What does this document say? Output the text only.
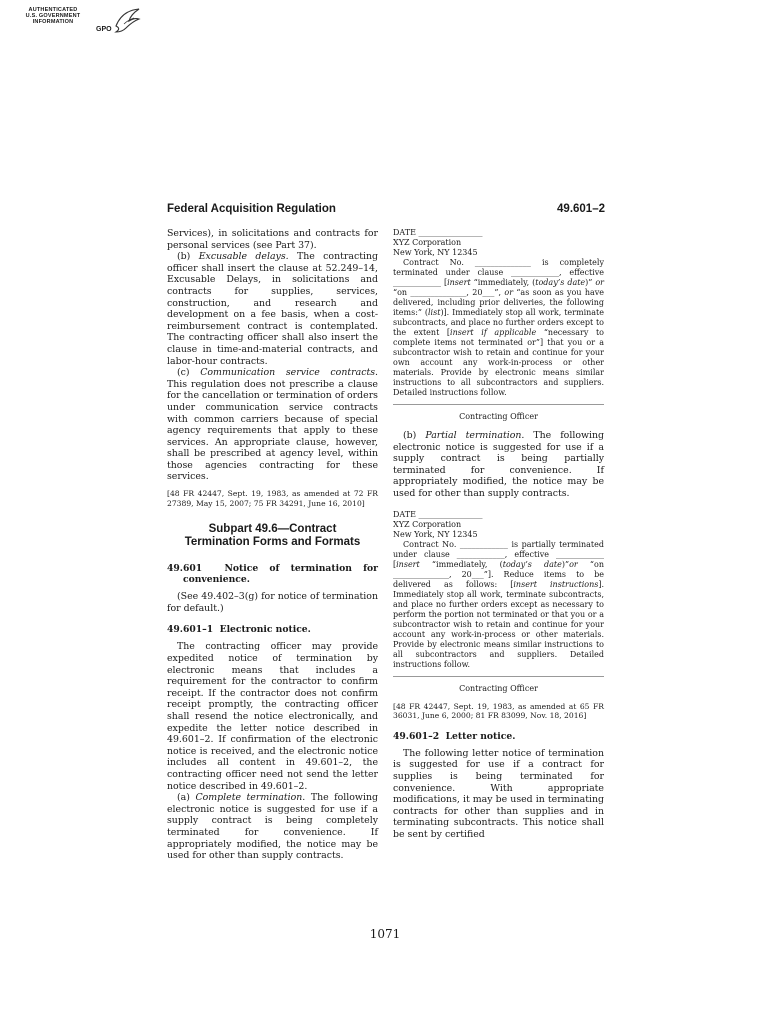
AUTHENTICATED
U.S. GOVERNMENT
INFORMATION
GPO
Federal Acquisition Regulation	49.601–2

Services), in solicitations and contracts for personal services (see Part 37).

(b) Excusable delays. The contracting officer shall insert the clause at 52.249–14, Excusable Delays, in solicitations and contracts for supplies, services, construction, and research and development on a fee basis, when a cost-reimbursement contract is contemplated. The contracting officer shall also insert the clause in time-and-material contracts, and labor-hour contracts.

(c) Communication service contracts. This regulation does not prescribe a clause for the cancellation or termination of orders under communication service contracts with common carriers because of special agency requirements that apply to these services. An appropriate clause, however, shall be prescribed at agency level, within those agencies contracting for these services.

[48 FR 42447, Sept. 19, 1983, as amended at 72 FR 27389, May 15, 2007; 75 FR 34291, June 16, 2010]

Subpart 49.6—Contract
Termination Forms and Formats

49.601 Notice of termination for convenience.

(See 49.402–3(g) for notice of termination for default.)

49.601–1 Electronic notice.

The contracting officer may provide expedited notice of termination by electronic means that includes a requirement for the contractor to confirm receipt. If the contractor does not confirm receipt promptly, the contracting officer shall resend the notice electronically, and expedite the letter notice described in 49.601–2. If confirmation of the electronic notice is received, and the electronic notice includes all content in 49.601–2, the contracting officer need not send the letter notice described in 49.601–2.

(a) Complete termination. The following electronic notice is suggested for use if a supply contract is being completely terminated for convenience. If appropriately modified, the notice may be used for other than supply contracts.

DATE ________________
XYZ Corporation
New York, NY 12345

Contract No. ______________ is completely terminated under clause ____________, effective ____________ [insert “immediately, (today’s date)” or “on ______________, 20___”, or “as soon as you have delivered, including prior deliveries, the following items:” (list)]. Immediately stop all work, terminate subcontracts, and place no further orders except to the extent [insert if applicable “necessary to complete items not terminated or”] that you or a subcontractor wish to retain and continue for your own account any work-in-process or other materials. Provide by electronic means similar instructions to all subcontractors and suppliers. Detailed instructions follow.

Contracting Officer

(b) Partial termination. The following electronic notice is suggested for use if a supply contract is being partially terminated for convenience. If appropriately modified, the notice may be used for other than supply contracts.

DATE ________________
XYZ Corporation
New York, NY 12345

Contract No. ____________ is partially terminated under clause ____________, effective ____________ [insert “immediately, (today’s date)”or “on ______________, 20___”]. Reduce items to be delivered as follows: [insert instructions]. Immediately stop all work, terminate subcontracts, and place no further orders except as necessary to perform the portion not terminated or that you or a subcontractor wish to retain and continue for your account any work-in-process or other materials. Provide by electronic means similar instructions to all subcontractors and suppliers. Detailed instructions follow.

Contracting Officer

[48 FR 42447, Sept. 19, 1983, as amended at 65 FR 36031, June 6, 2000; 81 FR 83099, Nov. 18, 2016]

49.601–2 Letter notice.

The following letter notice of termination is suggested for use if a contract for supplies is being terminated for convenience. With appropriate modifications, it may be used in terminating contracts for other than supplies and in terminating subcontracts. This notice shall be sent by certified

1071
